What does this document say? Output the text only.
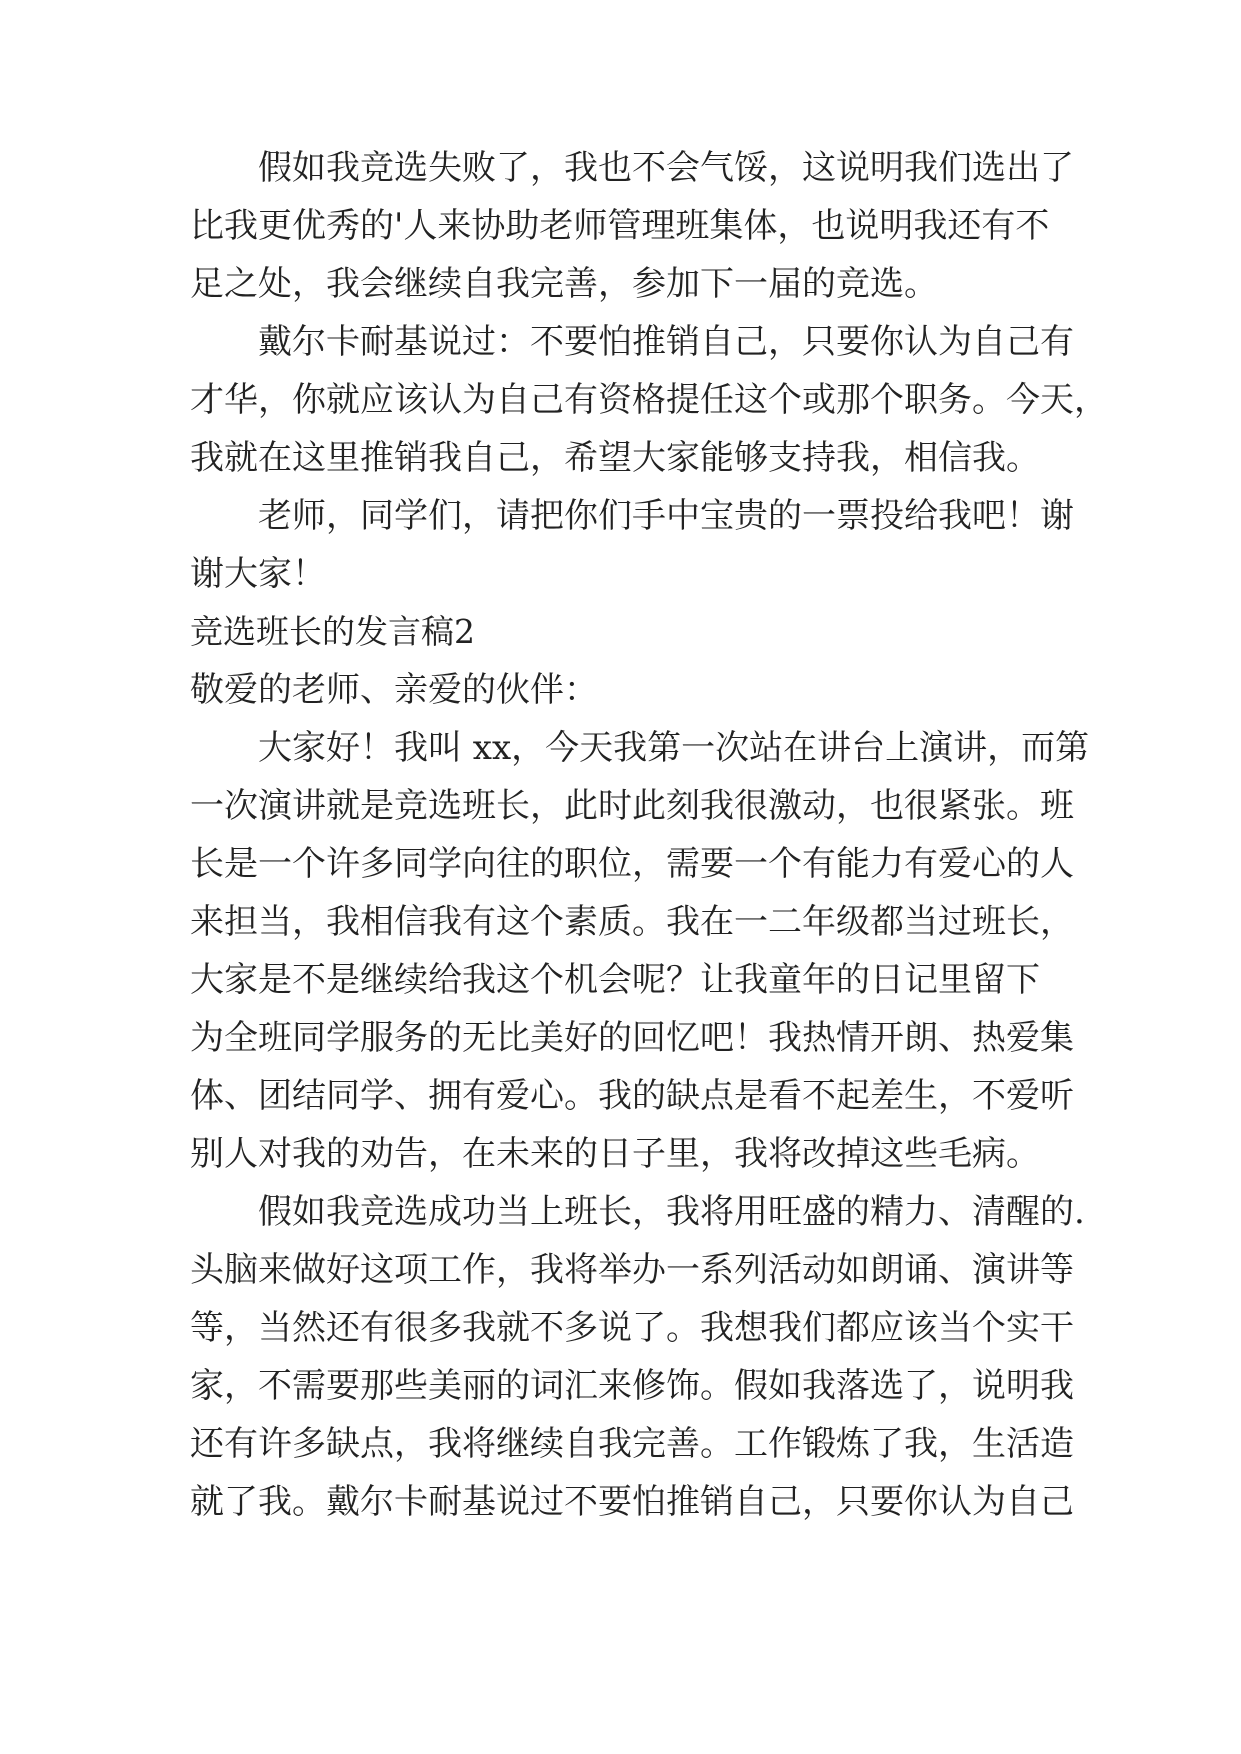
假如我竞选失败了，我也不会气馁，这说明我们选出了
比我更优秀的'人来协助老师管理班集体，也说明我还有不
足之处，我会继续自我完善，参加下一届的竞选。
戴尔卡耐基说过：不要怕推销自己，只要你认为自己有
才华，你就应该认为自己有资格提任这个或那个职务。今天，
我就在这里推销我自己，希望大家能够支持我，相信我。
老师，同学们，请把你们手中宝贵的一票投给我吧！谢
谢大家！
竞选班长的发言稿2
敬爱的老师、亲爱的伙伴：
大家好！我叫 xx，今天我第一次站在讲台上演讲，而第
一次演讲就是竞选班长，此时此刻我很激动，也很紧张。班
长是一个许多同学向往的职位，需要一个有能力有爱心的人
来担当，我相信我有这个素质。我在一二年级都当过班长，
大家是不是继续给我这个机会呢？让我童年的日记里留下
为全班同学服务的无比美好的回忆吧！我热情开朗、热爱集
体、团结同学、拥有爱心。我的缺点是看不起差生，不爱听
别人对我的劝告，在未来的日子里，我将改掉这些毛病。
假如我竞选成功当上班长，我将用旺盛的精力、清醒的.
头脑来做好这项工作，我将举办一系列活动如朗诵、演讲等
等，当然还有很多我就不多说了。我想我们都应该当个实干
家，不需要那些美丽的词汇来修饰。假如我落选了，说明我
还有许多缺点，我将继续自我完善。工作锻炼了我，生活造
就了我。戴尔卡耐基说过不要怕推销自己，只要你认为自己
